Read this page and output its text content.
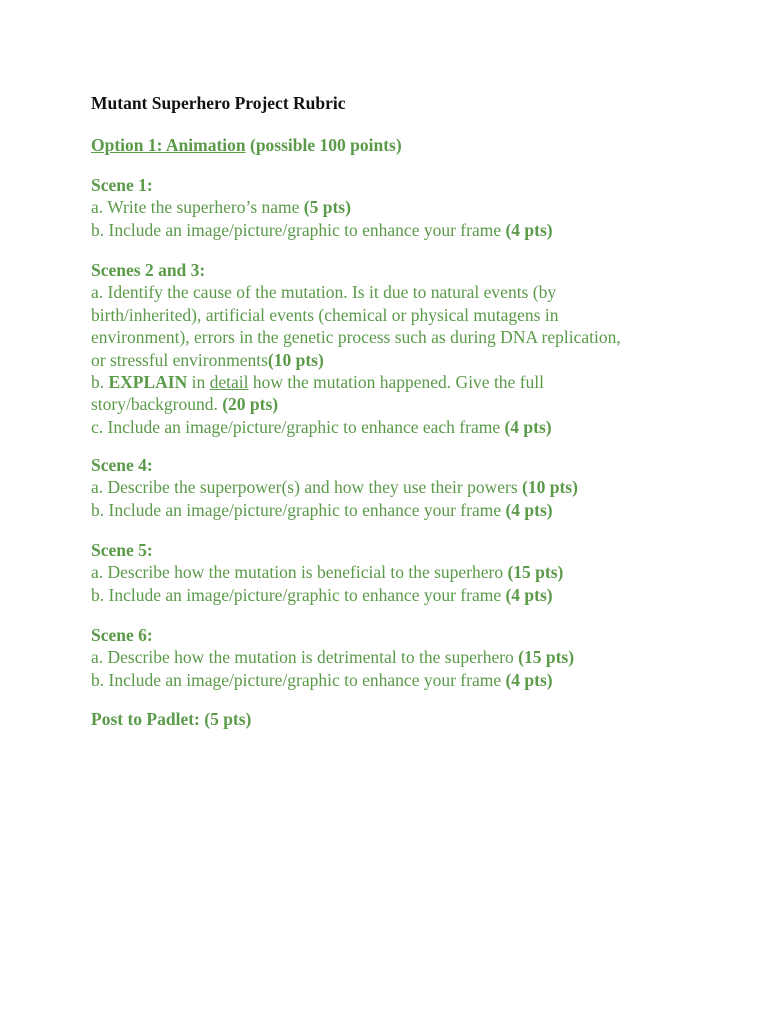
Mutant Superhero Project Rubric
Option 1: Animation (possible 100 points)
Scene 1:
a. Write the superhero’s name (5 pts)
b. Include an image/picture/graphic to enhance your frame (4 pts)
Scenes 2 and 3:
a. Identify the cause of the mutation. Is it due to natural events (by
birth/inherited), artificial events (chemical or physical mutagens in
environment), errors in the genetic process such as during DNA replication,
or stressful environments(10 pts)
b. EXPLAIN in detail how the mutation happened. Give the full
story/background. (20 pts)
c. Include an image/picture/graphic to enhance each frame (4 pts)
Scene 4:
a. Describe the superpower(s) and how they use their powers (10 pts)
b. Include an image/picture/graphic to enhance your frame (4 pts)
Scene 5:
a. Describe how the mutation is beneficial to the superhero (15 pts)
b. Include an image/picture/graphic to enhance your frame (4 pts)
Scene 6:
a. Describe how the mutation is detrimental to the superhero (15 pts)
b. Include an image/picture/graphic to enhance your frame (4 pts)
Post to Padlet: (5 pts)
